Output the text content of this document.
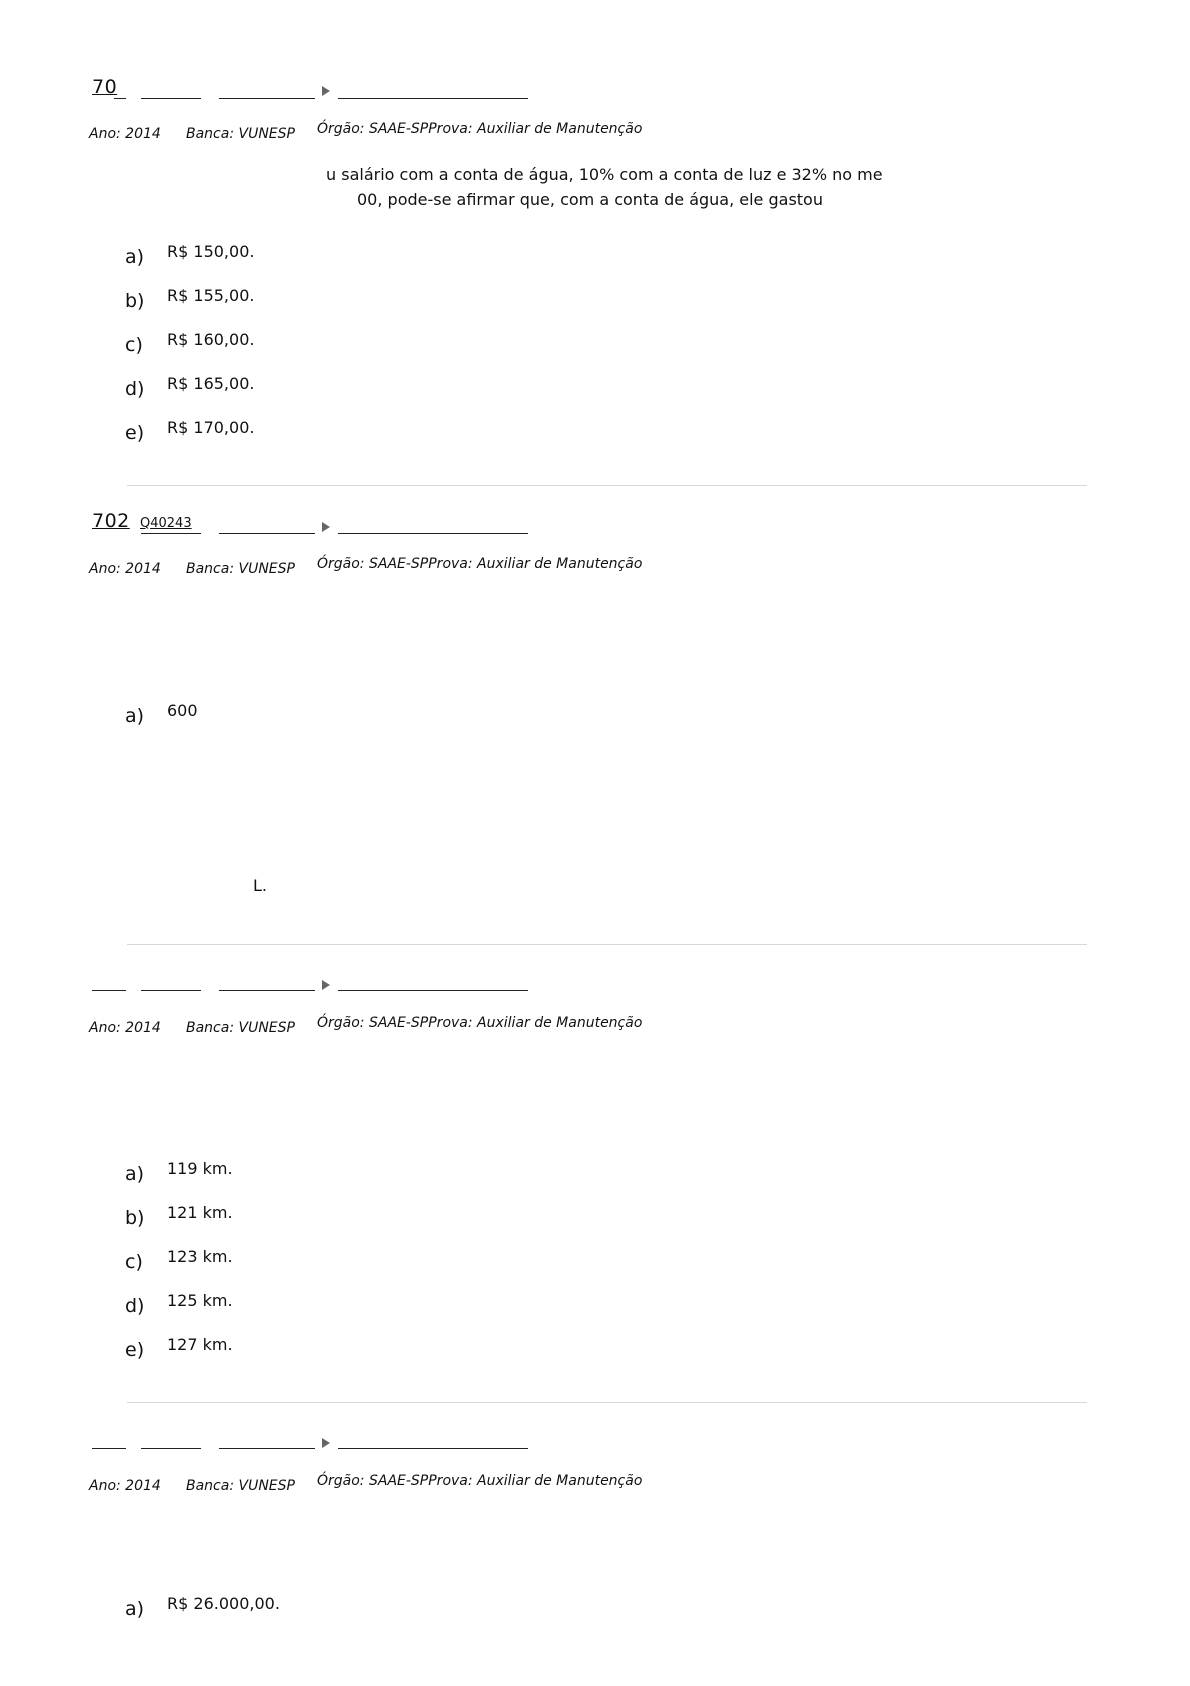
70
Ano: 2014 Banca: VUNESP Órgão: SAAE-SPProva: Auxiliar de Manutenção
u salário com a conta de água, 10% com a conta de luz e 32% no me
00, pode-se afirmar que, com a conta de água, ele gastou
a) R$ 150,00.
b) R$ 155,00.
c) R$ 160,00.
d) R$ 165,00.
e) R$ 170,00.
702 Q40243
Ano: 2014 Banca: VUNESP Órgão: SAAE-SPProva: Auxiliar de Manutenção
a) 600
L.
Ano: 2014 Banca: VUNESP Órgão: SAAE-SPProva: Auxiliar de Manutenção
a) 119 km.
b) 121 km.
c) 123 km.
d) 125 km.
e) 127 km.
Ano: 2014 Banca: VUNESP Órgão: SAAE-SPProva: Auxiliar de Manutenção
a) R$ 26.000,00.
